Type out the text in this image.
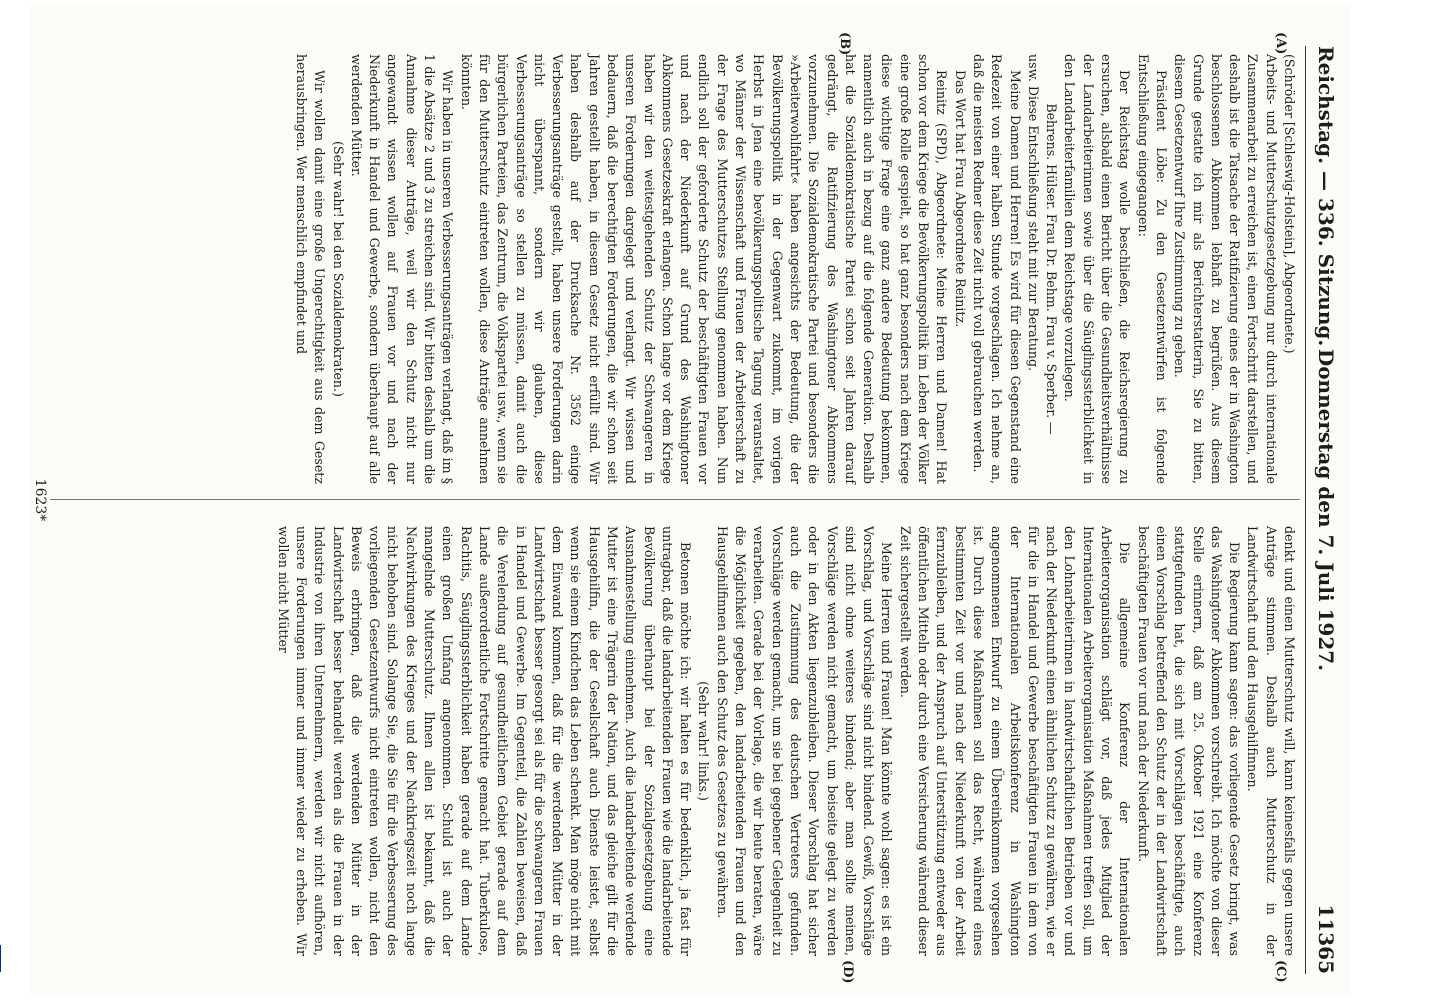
Reichstag. — 336. Sitzung.
Donnerstag den 7. Juli 1927.
11365
(A)
(B)
(C)
(D)

(Schröder [Schleswig-Holstein], Abgeordnete.)

Arbeits- und Mutterschutzgesetzgebung nur durch internationale Zusammenarbeit zu erreichen ist, einen Fortschritt darstellen, und deshalb ist die Tatsache der Ratifizierung eines der in Washington beschlossenen Abkommen lebhaft zu begrüßen. Aus diesem Grunde gestatte ich mir als Berichterstatterin, Sie zu bitten, diesem Gesetzentwurf Ihre Zustimmung zu geben.

Präsident Löbe: Zu den Gesetzentwürfen ist folgende Entschließung eingegangen:

Der Reichstag wolle beschließen, die Reichsregierung zu ersuchen, alsbald einen Bericht über die Gesundheitsverhältnisse der Landarbeiterinnen sowie über die Säuglingssterblichkeit in den Landarbeiterfamilien dem Reichstage vorzulegen.

Behrens. Hülser. Frau Dr. Behm. Frau v. Sperber. —

usw. Diese Entschließung steht mit zur Beratung.

Meine Damen und Herren! Es wird für diesen Gegenstand eine Redezeit von einer halben Stunde vorgeschlagen. Ich nehme an, daß die meisten Redner diese Zeit nicht voll gebrauchen werden.

Das Wort hat Frau Abgeordnete Reinitz.

Reinitz (SPD), Abgeordnete: Meine Herren und Damen! Hat schon vor dem Kriege die Bevölkerungspolitik im Leben der Völker eine große Rolle gespielt, so hat ganz besonders nach dem Kriege diese wichtige Frage eine ganz andere Bedeutung bekommen, namentlich auch in bezug auf die folgende Generation. Deshalb hat die Sozialdemokratische Partei schon seit Jahren darauf gedrängt, die Ratifizierung des Washingtoner Abkommens vorzunehmen. Die Sozialdemokratische Partei und besonders die »Arbeiterwohlfahrt« haben angesichts der Bedeutung, die der Bevölkerungspolitik in der Gegenwart zukommt, im vorigen Herbst in Jena eine bevölkerungspolitische Tagung veranstaltet, wo Männer der Wissenschaft und Frauen der Arbeiterschaft zu der Frage des Mutterschutzes Stellung genommen haben. Nun endlich soll der geforderte Schutz der beschäftigten Frauen vor und nach der Niederkunft auf Grund des Washingtoner Abkommens Gesetzeskraft erlangen. Schon lange vor dem Kriege haben wir den weitestgehenden Schutz der Schwangeren in unseren Forderungen dargelegt und verlangt. Wir wissen und bedauern, daß die berechtigten Forderungen, die wir schon seit Jahren gestellt haben, in diesem Gesetz nicht erfüllt sind. Wir haben deshalb auf der Drucksache Nr. 3562 einige Verbesserungsanträge gestellt, haben unsere Forderungen darin nicht überspannt, sondern wir glauben, diese Verbesserungsanträge so stellen zu müssen, damit auch die bürgerlichen Parteien, das Zentrum, die Volkspartei usw., wenn sie für den Mutterschutz eintreten wollen, diese Anträge annehmen könnten.

Wir haben in unseren Verbesserungsanträgen verlangt, daß im § 1 die Absätze 2 und 3 zu streichen sind. Wir bitten deshalb um die Annahme dieser Anträge, weil wir den Schutz nicht nur angewandt wissen wollen auf Frauen vor und nach der Niederkunft in Handel und Gewerbe, sondern überhaupt auf alle werdenden Mütter.

(Sehr wahr! bei den Sozialdemokraten.)

Wir wollen damit eine große Ungerechtigkeit aus dem Gesetz herausbringen. Wer menschlich empfindet und

denkt und einen Mutterschutz will, kann keinesfalls gegen unsere Anträge stimmen. Deshalb auch Mutterschutz in der Landwirtschaft und den Hausgehilfinnen.

Die Regierung kann sagen: das vorliegende Gesetz bringt, was das Washingtoner Abkommen vorschreibt. Ich möchte von dieser Stelle erinnern, daß am 25. Oktober 1921 eine Konferenz stattgefunden hat, die sich mit Vorschlägen beschäftigte, auch einen Vorschlag betreffend den Schutz der in der Landwirtschaft beschäftigten Frauen vor und nach der Niederkunft.

Die allgemeine Konferenz der Internationalen Arbeiterorganisation schlägt vor, daß jedes Mitglied der Internationalen Arbeiterorganisation Maßnahmen treffen soll, um den Lohnarbeiterinnen in landwirtschaftlichen Betrieben vor und nach der Niederkunft einen ähnlichen Schutz zu gewähren, wie er für die in Handel und Gewerbe beschäftigten Frauen in dem von der Internationalen Arbeitskonferenz in Washington angenommenen Entwurf zu einem Übereinkommen vorgesehen ist. Durch diese Maßnahmen soll das Recht, während eines bestimmten Zeit vor und nach der Niederkunft von der Arbeit fernzubleiben, und der Anspruch auf Unterstützung entweder aus öffentlichen Mitteln oder durch eine Versicherung während dieser Zeit sichergestellt werden.

Meine Herren und Frauen! Man könnte wohl sagen: es ist ein Vorschlag, und Vorschläge sind nicht bindend. Gewiß, Vorschläge sind nicht ohne weiteres bindend; aber man sollte meinen, Vorschläge werden nicht gemacht, um beiseite gelegt zu werden oder in den Akten liegenzubleiben. Dieser Vorschlag hat sicher auch die Zustimmung des deutschen Vertreters gefunden. Vorschläge werden gemacht, um sie bei gegebener Gelegenheit zu verarbeiten. Gerade bei der Vorlage, die wir heute beraten, wäre die Möglichkeit gegeben, den landarbeitenden Frauen und den Hausgehilfinnen auch den Schutz des Gesetzes zu gewähren.

(Sehr wahr! links.)

Betonen möchte ich: wir halten es für bedenklich, ja fast für untragbar, daß die landarbeitenden Frauen wie die landarbeitende Bevölkerung überhaupt bei der Sozialgesetzgebung eine Ausnahmestellung einnehmen. Auch die landarbeitende werdende Mutter ist eine Trägerin der Nation, und das gleiche gilt für die Hausgehilfin, die der Gesellschaft auch Dienste leistet, selbst wenn sie einem Kindchen das Leben schenkt. Man möge nicht mit dem Einwand kommen, daß für die werdenden Mütter in der Landwirtschaft besser gesorgt sei als für die schwangeren Frauen in Handel und Gewerbe. Im Gegenteil, die Zahlen beweisen, daß die Verelendung auf gesundheitlichem Gebiet gerade auf dem Lande außerordentliche Fortschritte gemacht hat. Tuberkulose, Rachitis, Säuglingssterblichkeit haben gerade auf dem Lande einen großen Umfang angenommen. Schuld ist auch der mangelnde Mutterschutz. Ihnen allen ist bekannt, daß die Nachwirkungen des Krieges und der Nachkriegszeit noch lange nicht behoben sind. Solange Sie, die Sie für die Verbesserung des vorliegenden Gesetzentwurfs nicht eintreten wollen, nicht den Beweis erbringen, daß die werdenden Mütter in der Landwirtschaft besser behandelt werden als die Frauen in der Industrie von ihren Unternehmern, werden wir nicht aufhören, unsere Forderungen immer und immer wieder zu erheben. Wir wollen nicht Mütter

1623*
